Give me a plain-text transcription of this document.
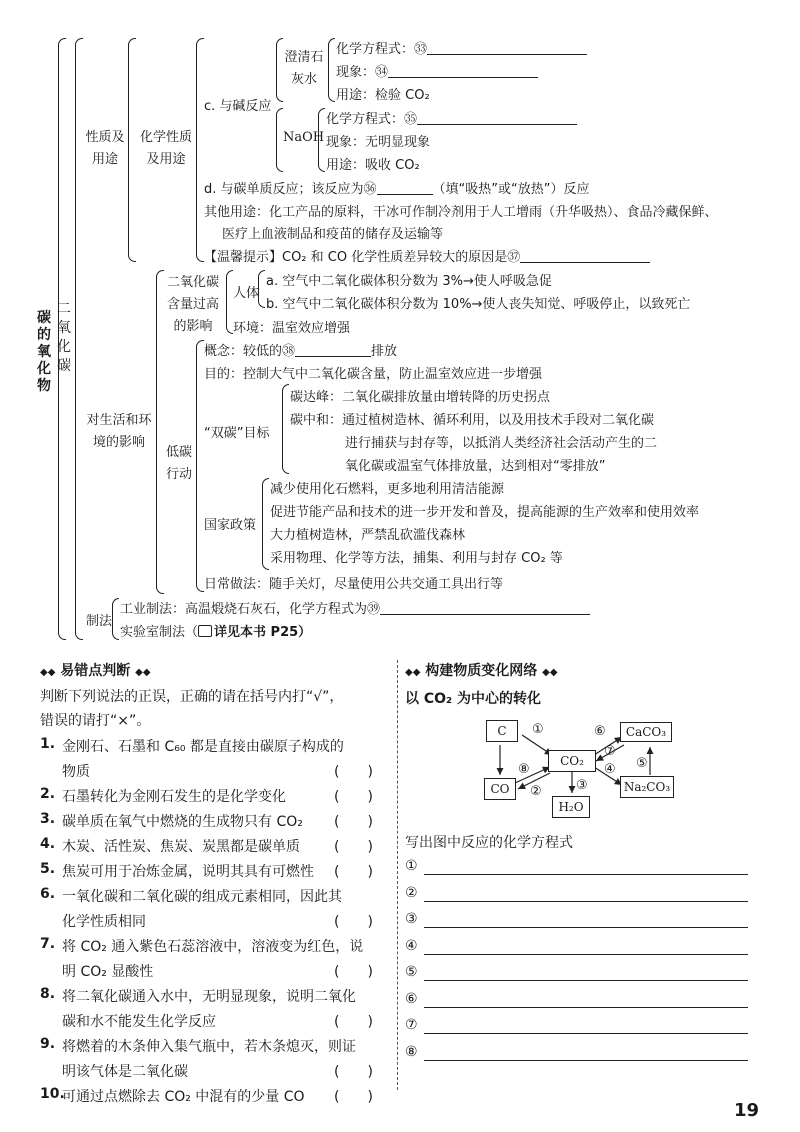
碳的氧化物
二氧化碳
性质及用途
化学性质及用途
c. 与碱反应
澄清石灰水
化学方程式：㉝
现象：㉞
用途：检验 CO₂
NaOH
化学方程式：㉟
现象：无明显现象
用途：吸收 CO₂
d. 与碳单质反应；该反应为㊱	（填“吸热”或“放热”）反应
其他用途：化工产品的原料，干冰可作制冷剂用于人工增雨（升华吸热）、食品冷藏保鲜、
医疗上血液制品和疫苗的储存及运输等
【温馨提示】CO₂ 和 CO 化学性质差异较大的原因是㊲
对生活和环境的影响
二氧化碳含量过高的影响
人体
a. 空气中二氧化碳体积分数为 3%→使人呼吸急促
b. 空气中二氧化碳体积分数为 10%→使人丧失知觉、呼吸停止，以致死亡
环境：温室效应增强
低碳行动
概念：较低的㊳	排放
目的：控制大气中二氧化碳含量，防止温室效应进一步增强
“双碳”目标
碳达峰：二氧化碳排放量由增转降的历史拐点
碳中和：通过植树造林、循环利用，以及用技术手段对二氧化碳
进行捕获与封存等，以抵消人类经济社会活动产生的二
氧化碳或温室气体排放量，达到相对“零排放”
国家政策
减少使用化石燃料，更多地利用清洁能源
促进节能产品和技术的进一步开发和普及，提高能源的生产效率和使用效率
大力植树造林，严禁乱砍滥伐森林
采用物理、化学等方法，捕集、利用与封存 CO₂ 等
日常做法：随手关灯，尽量使用公共交通工具出行等
制法
工业制法：高温煅烧石灰石，化学方程式为㊴
实验室制法（ 详见本书 P25）
◆◆ 易错点判断 ◆◆
判断下列说法的正误，正确的请在括号内打“√”，
错误的请打“×”。
1. 金刚石、石墨和 C₆₀ 都是直接由碳原子构成的
物质	(　　)
2. 石墨转化为金刚石发生的是化学变化	(　　)
3. 碳单质在氧气中燃烧的生成物只有 CO₂ (　　)
4. 木炭、活性炭、焦炭、炭黑都是碳单质 (　　)
5. 焦炭可用于冶炼金属，说明其具有可燃性 (　　)
6. 一氧化碳和二氧化碳的组成元素相同，因此其
化学性质相同	(　　)
7. 将 CO₂ 通入紫色石蕊溶液中，溶液变为红色，说
明 CO₂ 显酸性	(　　)
8. 将二氧化碳通入水中，无明显现象，说明二氧化
碳和水不能发生化学反应	(　　)
9. 将燃着的木条伸入集气瓶中，若木条熄灭，则证
明该气体是二氧化碳	(　　)
10.
可通过点燃除去 CO₂ 中混有的少量 CO (　　)
◆◆ 构建物质变化网络 ◆◆
以 CO₂ 为中心的转化
C
CO₂
CaCO₃
CO
H₂O
Na₂CO₃
①
②	③
④ ⑤
⑥
⑦
⑧
写出图中反应的化学方程式
①
②
③
④
⑤
⑥
⑦
⑧
19
